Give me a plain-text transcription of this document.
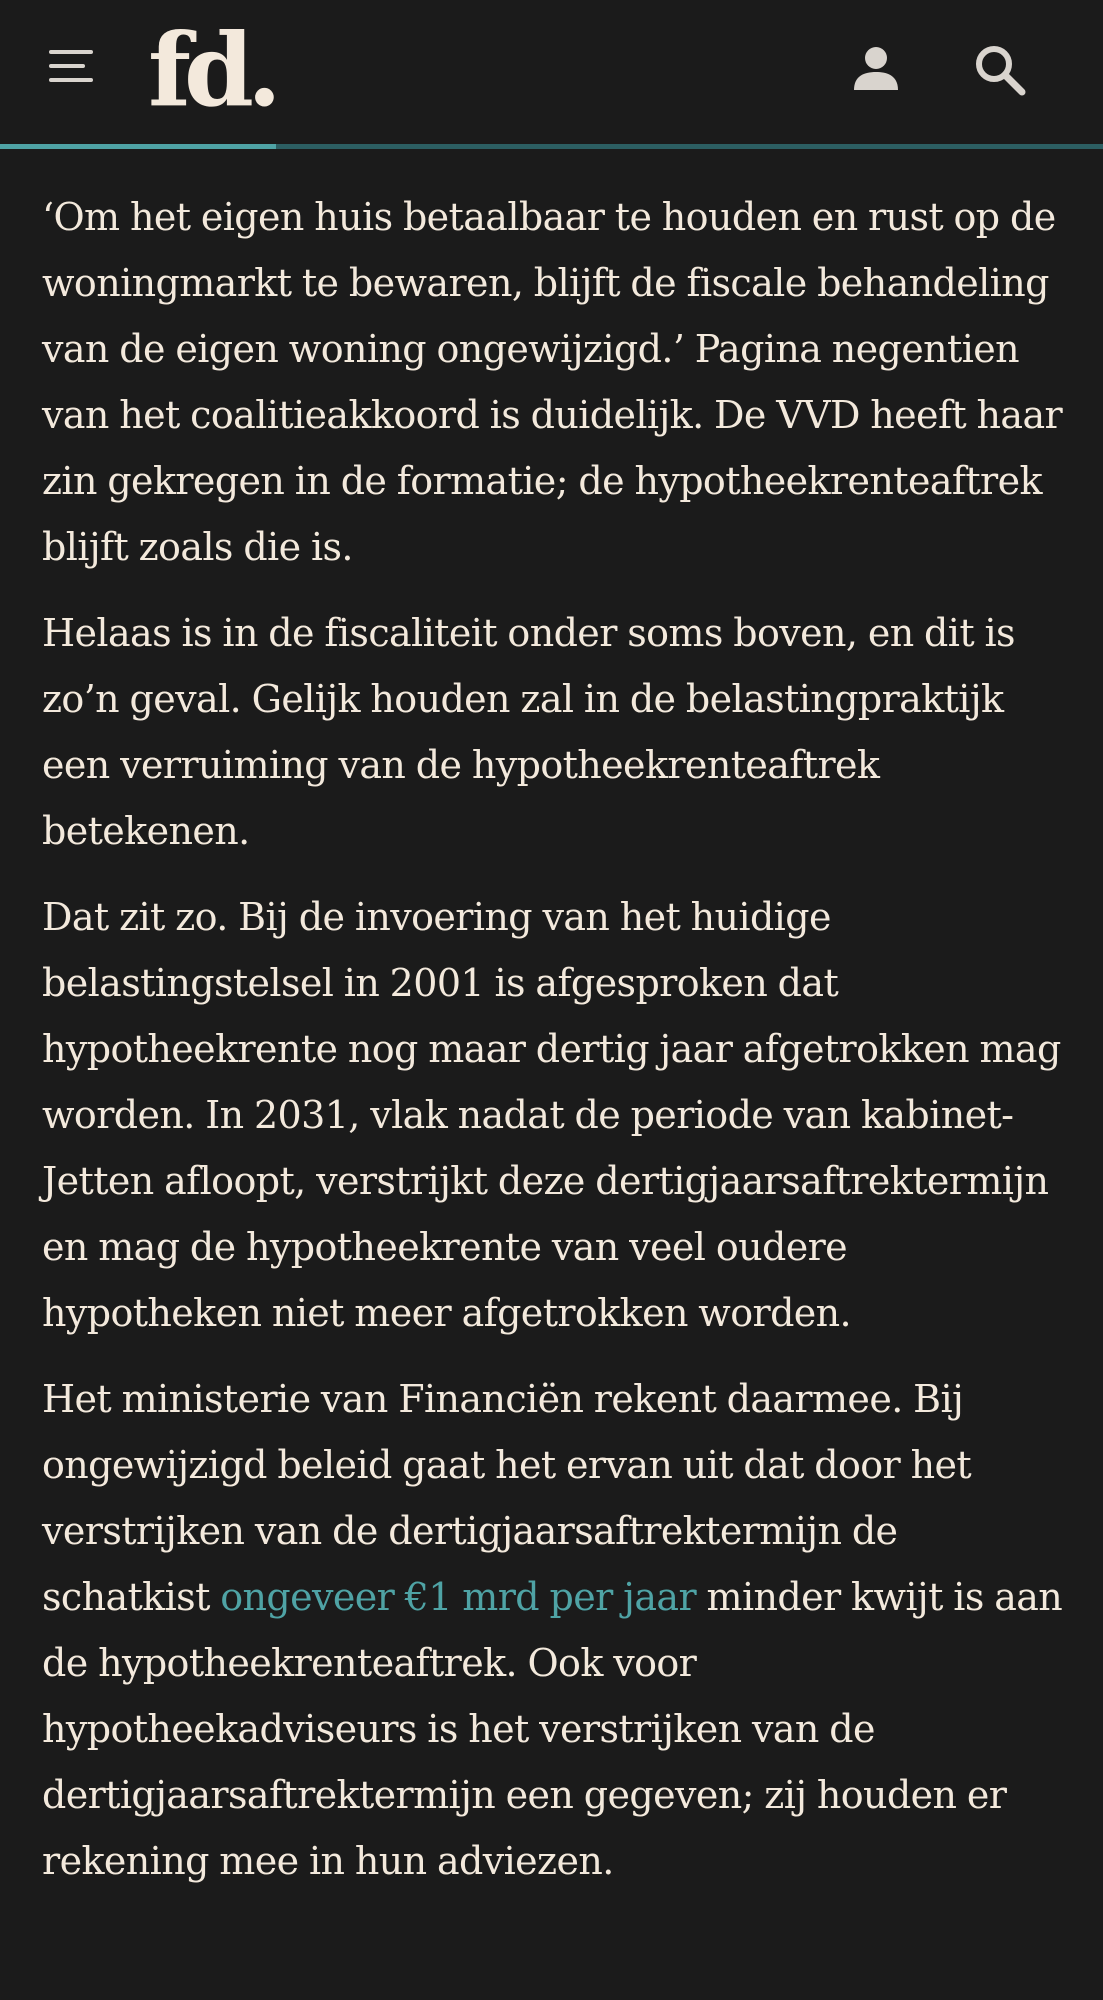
fd.

‘Om het eigen huis betaalbaar te houden en rust op de woningmarkt te bewaren, blijft de fiscale behandeling van de eigen woning ongewijzigd.’ Pagina negentien van het coalitieakkoord is duidelijk. De VVD heeft haar zin gekregen in de formatie; de hypotheekrenteaftrek blijft zoals die is.

Helaas is in de fiscaliteit onder soms boven, en dit is zo’n geval. Gelijk houden zal in de belastingpraktijk een verruiming van de hypotheekrenteaftrek betekenen.

Dat zit zo. Bij de invoering van het huidige belastingstelsel in 2001 is afgesproken dat hypotheekrente nog maar dertig jaar afgetrokken mag worden. In 2031, vlak nadat de periode van kabinet-Jetten afloopt, verstrijkt deze dertigjaarsaftrektermijn en mag de hypotheekrente van veel oudere hypotheken niet meer afgetrokken worden.

Het ministerie van Financiën rekent daarmee. Bij ongewijzigd beleid gaat het ervan uit dat door het verstrijken van de dertigjaarsaftrektermijn de schatkist ongeveer €1 mrd per jaar minder kwijt is aan de hypotheekrenteaftrek. Ook voor hypotheekadviseurs is het verstrijken van de dertigjaarsaftrektermijn een gegeven; zij houden er rekening mee in hun adviezen.
